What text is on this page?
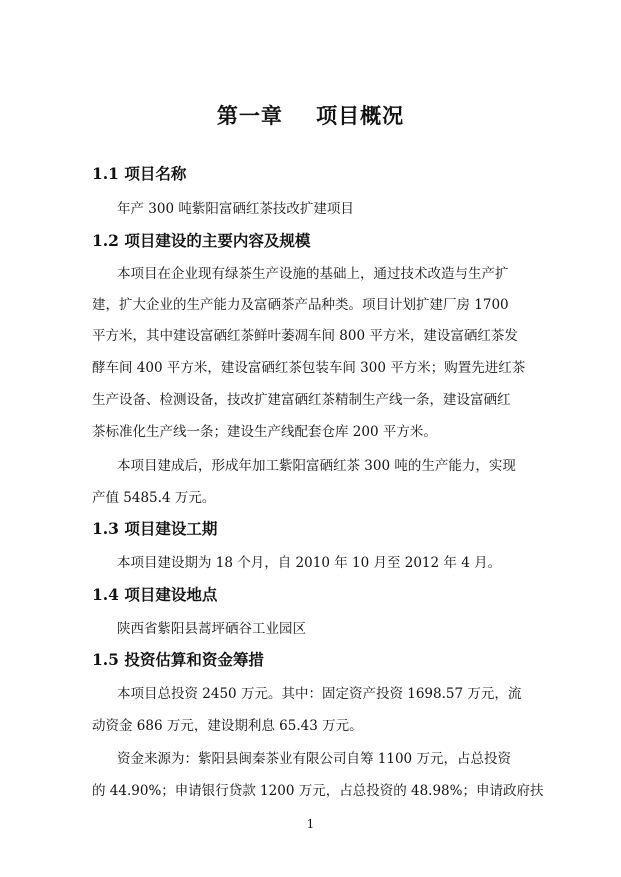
第一章    项目概况
1.1 项目名称
年产 300 吨紫阳富硒红茶技改扩建项目
1.2 项目建设的主要内容及规模
本项目在企业现有绿茶生产设施的基础上，通过技术改造与生产扩
建，扩大企业的生产能力及富硒茶产品种类。项目计划扩建厂房 1700
平方米，其中建设富硒红茶鲜叶萎凋车间 800 平方米，建设富硒红茶发
酵车间 400 平方米，建设富硒红茶包装车间 300 平方米；购置先进红茶
生产设备、检测设备，技改扩建富硒红茶精制生产线一条，建设富硒红
茶标准化生产线一条；建设生产线配套仓库 200 平方米。
本项目建成后，形成年加工紫阳富硒红茶 300 吨的生产能力，实现
产值 5485.4 万元。
1.3 项目建设工期
本项目建设期为 18 个月，自 2010 年 10 月至 2012 年 4 月。
1.4 项目建设地点
陕西省紫阳县蒿坪硒谷工业园区
1.5 投资估算和资金筹措
本项目总投资 2450 万元。其中：固定资产投资 1698.57 万元，流
动资金 686 万元，建设期利息 65.43 万元。
资金来源为：紫阳县闽秦茶业有限公司自筹 1100 万元，占总投资
的 44.90%；申请银行贷款 1200 万元，占总投资的 48.98%；申请政府扶
1
